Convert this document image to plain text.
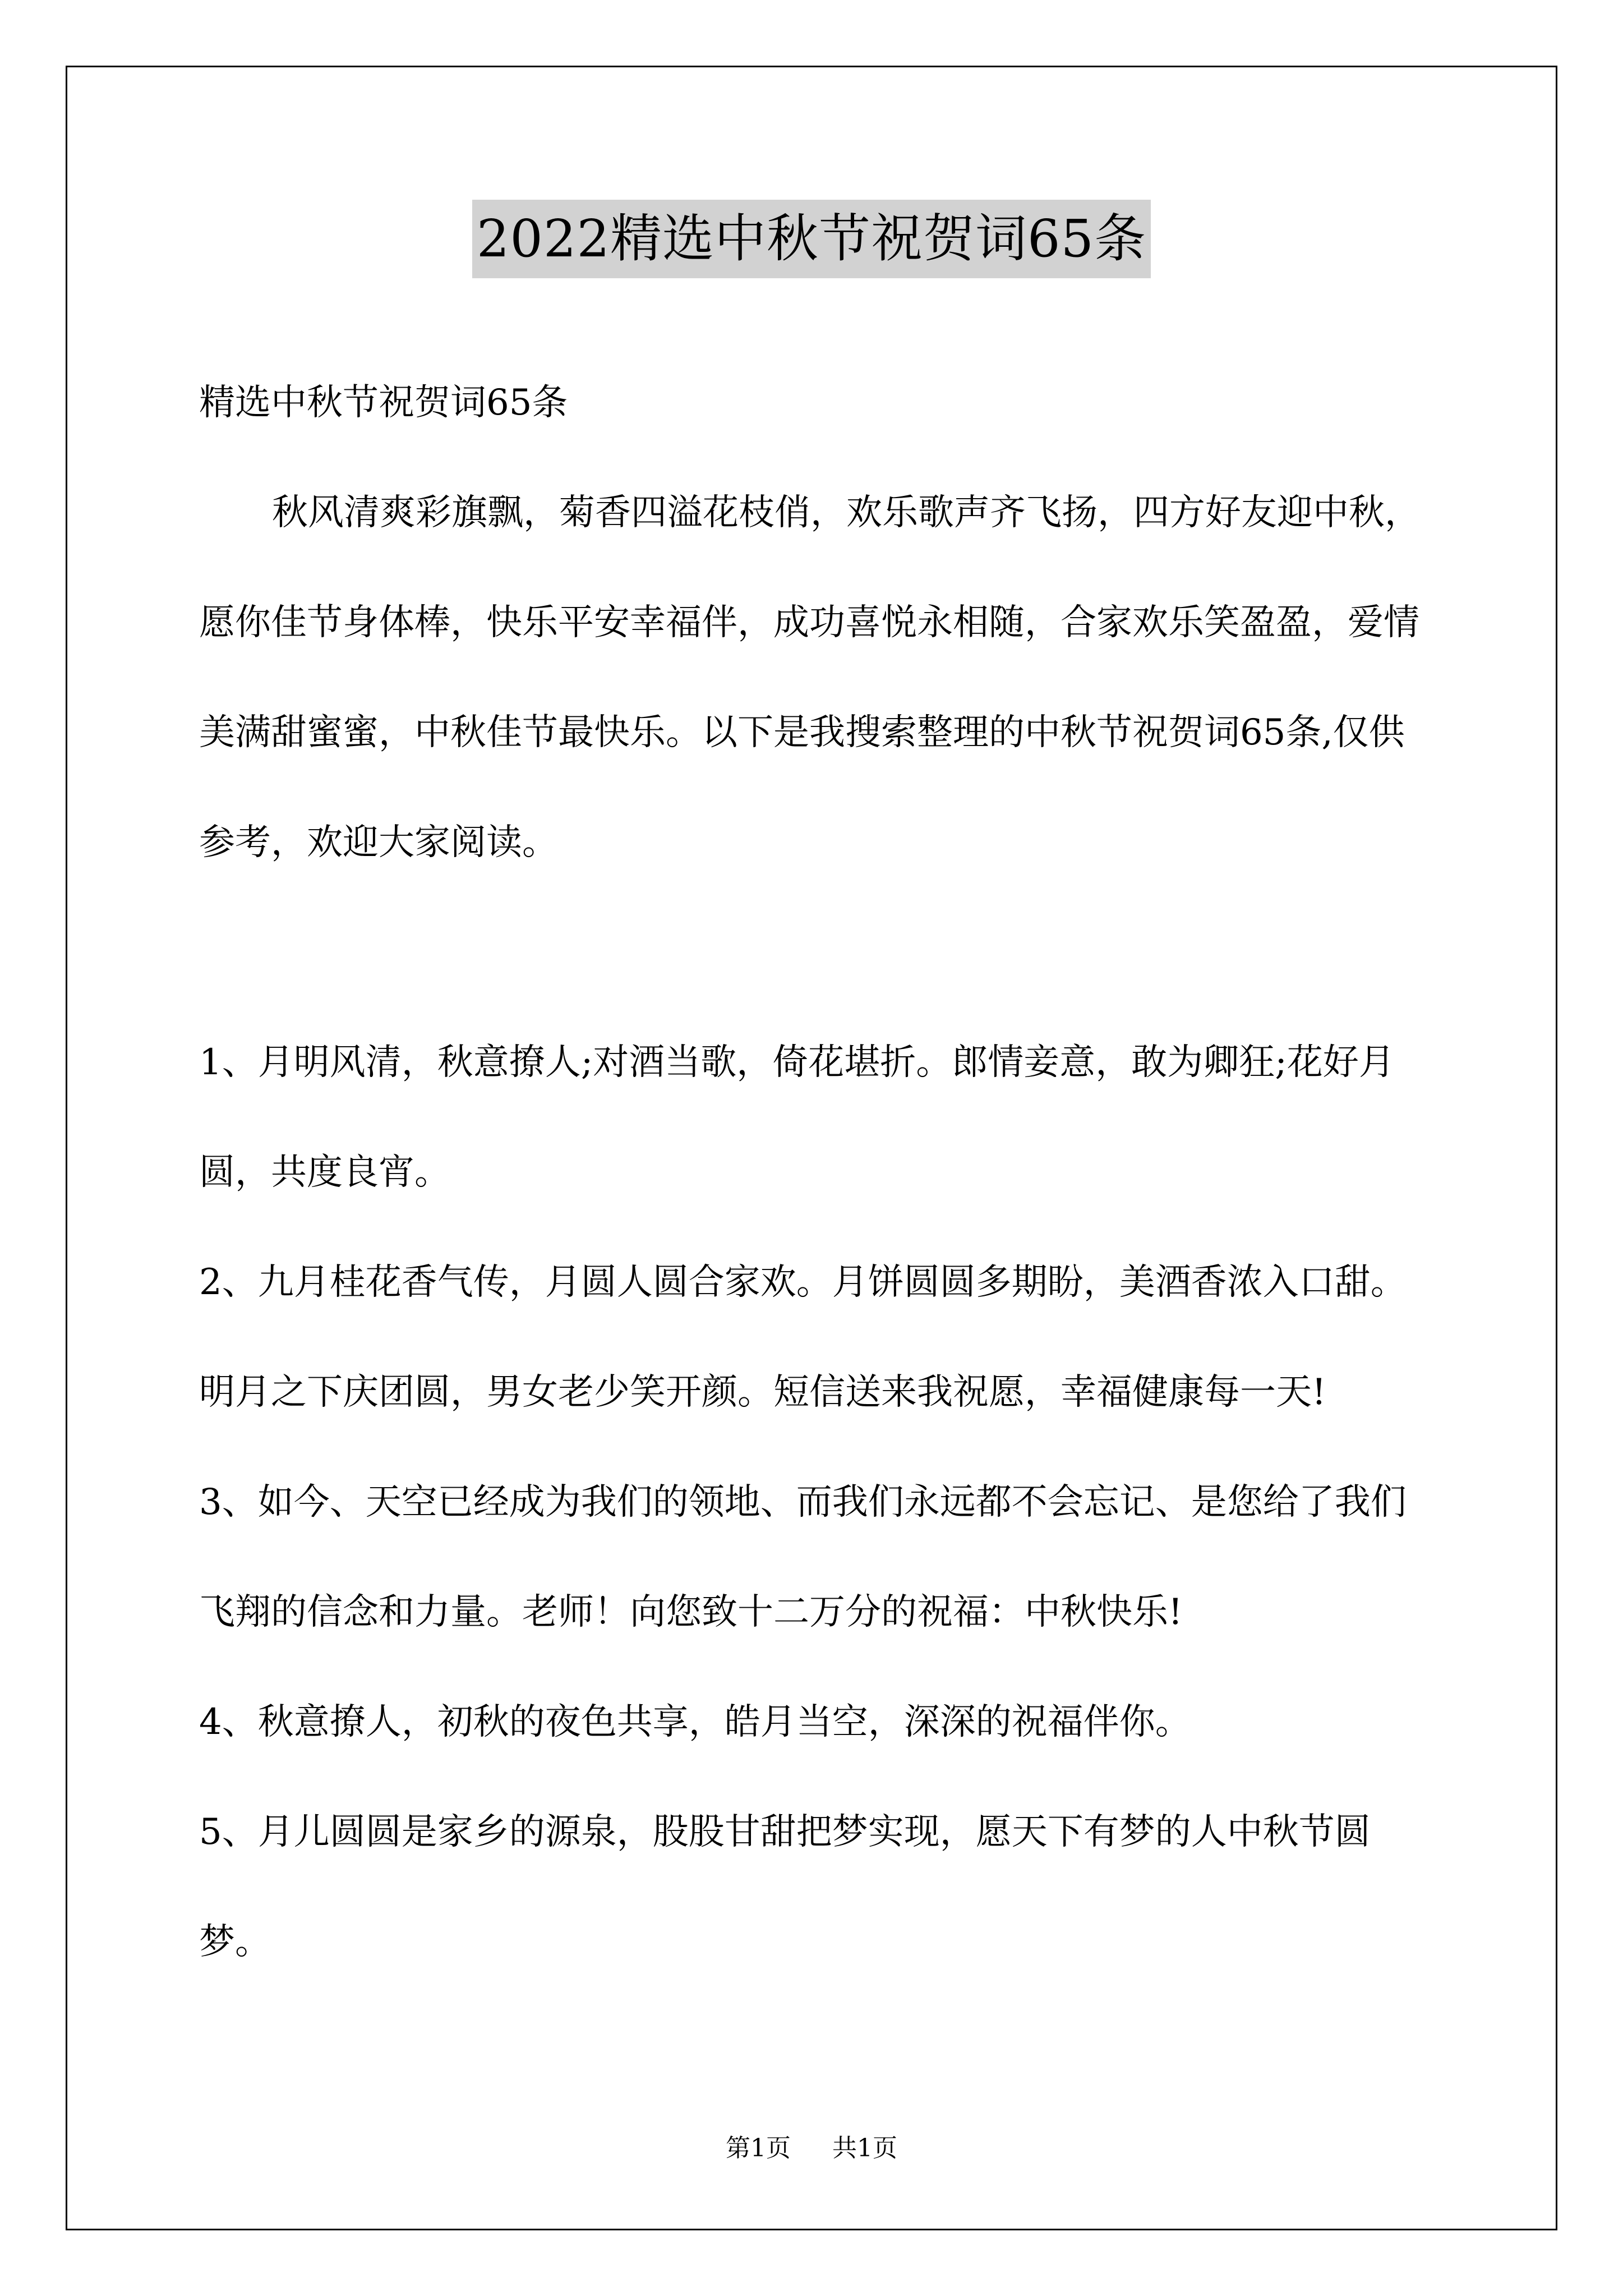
2022精选中秋节祝贺词65条

精选中秋节祝贺词65条

秋风清爽彩旗飘，菊香四溢花枝俏，欢乐歌声齐飞扬，四方好友迎中秋，愿你佳节身体棒，快乐平安幸福伴，成功喜悦永相随，合家欢乐笑盈盈，爱情美满甜蜜蜜，中秋佳节最快乐。以下是我搜索整理的中秋节祝贺词65条,仅供参考，欢迎大家阅读。

1、月明风清，秋意撩人;对酒当歌，倚花堪折。郎情妾意，敢为卿狂;花好月圆，共度良宵。

2、九月桂花香气传，月圆人圆合家欢。月饼圆圆多期盼，美酒香浓入口甜。明月之下庆团圆，男女老少笑开颜。短信送来我祝愿，幸福健康每一天!

3、如今、天空已经成为我们的领地、而我们永远都不会忘记、是您给了我们飞翔的信念和力量。老师！向您致十二万分的祝福：中秋快乐!

4、秋意撩人，初秋的夜色共享，皓月当空，深深的祝福伴你。

5、月儿圆圆是家乡的源泉，股股甘甜把梦实现，愿天下有梦的人中秋节圆梦。

第1页 共1页
